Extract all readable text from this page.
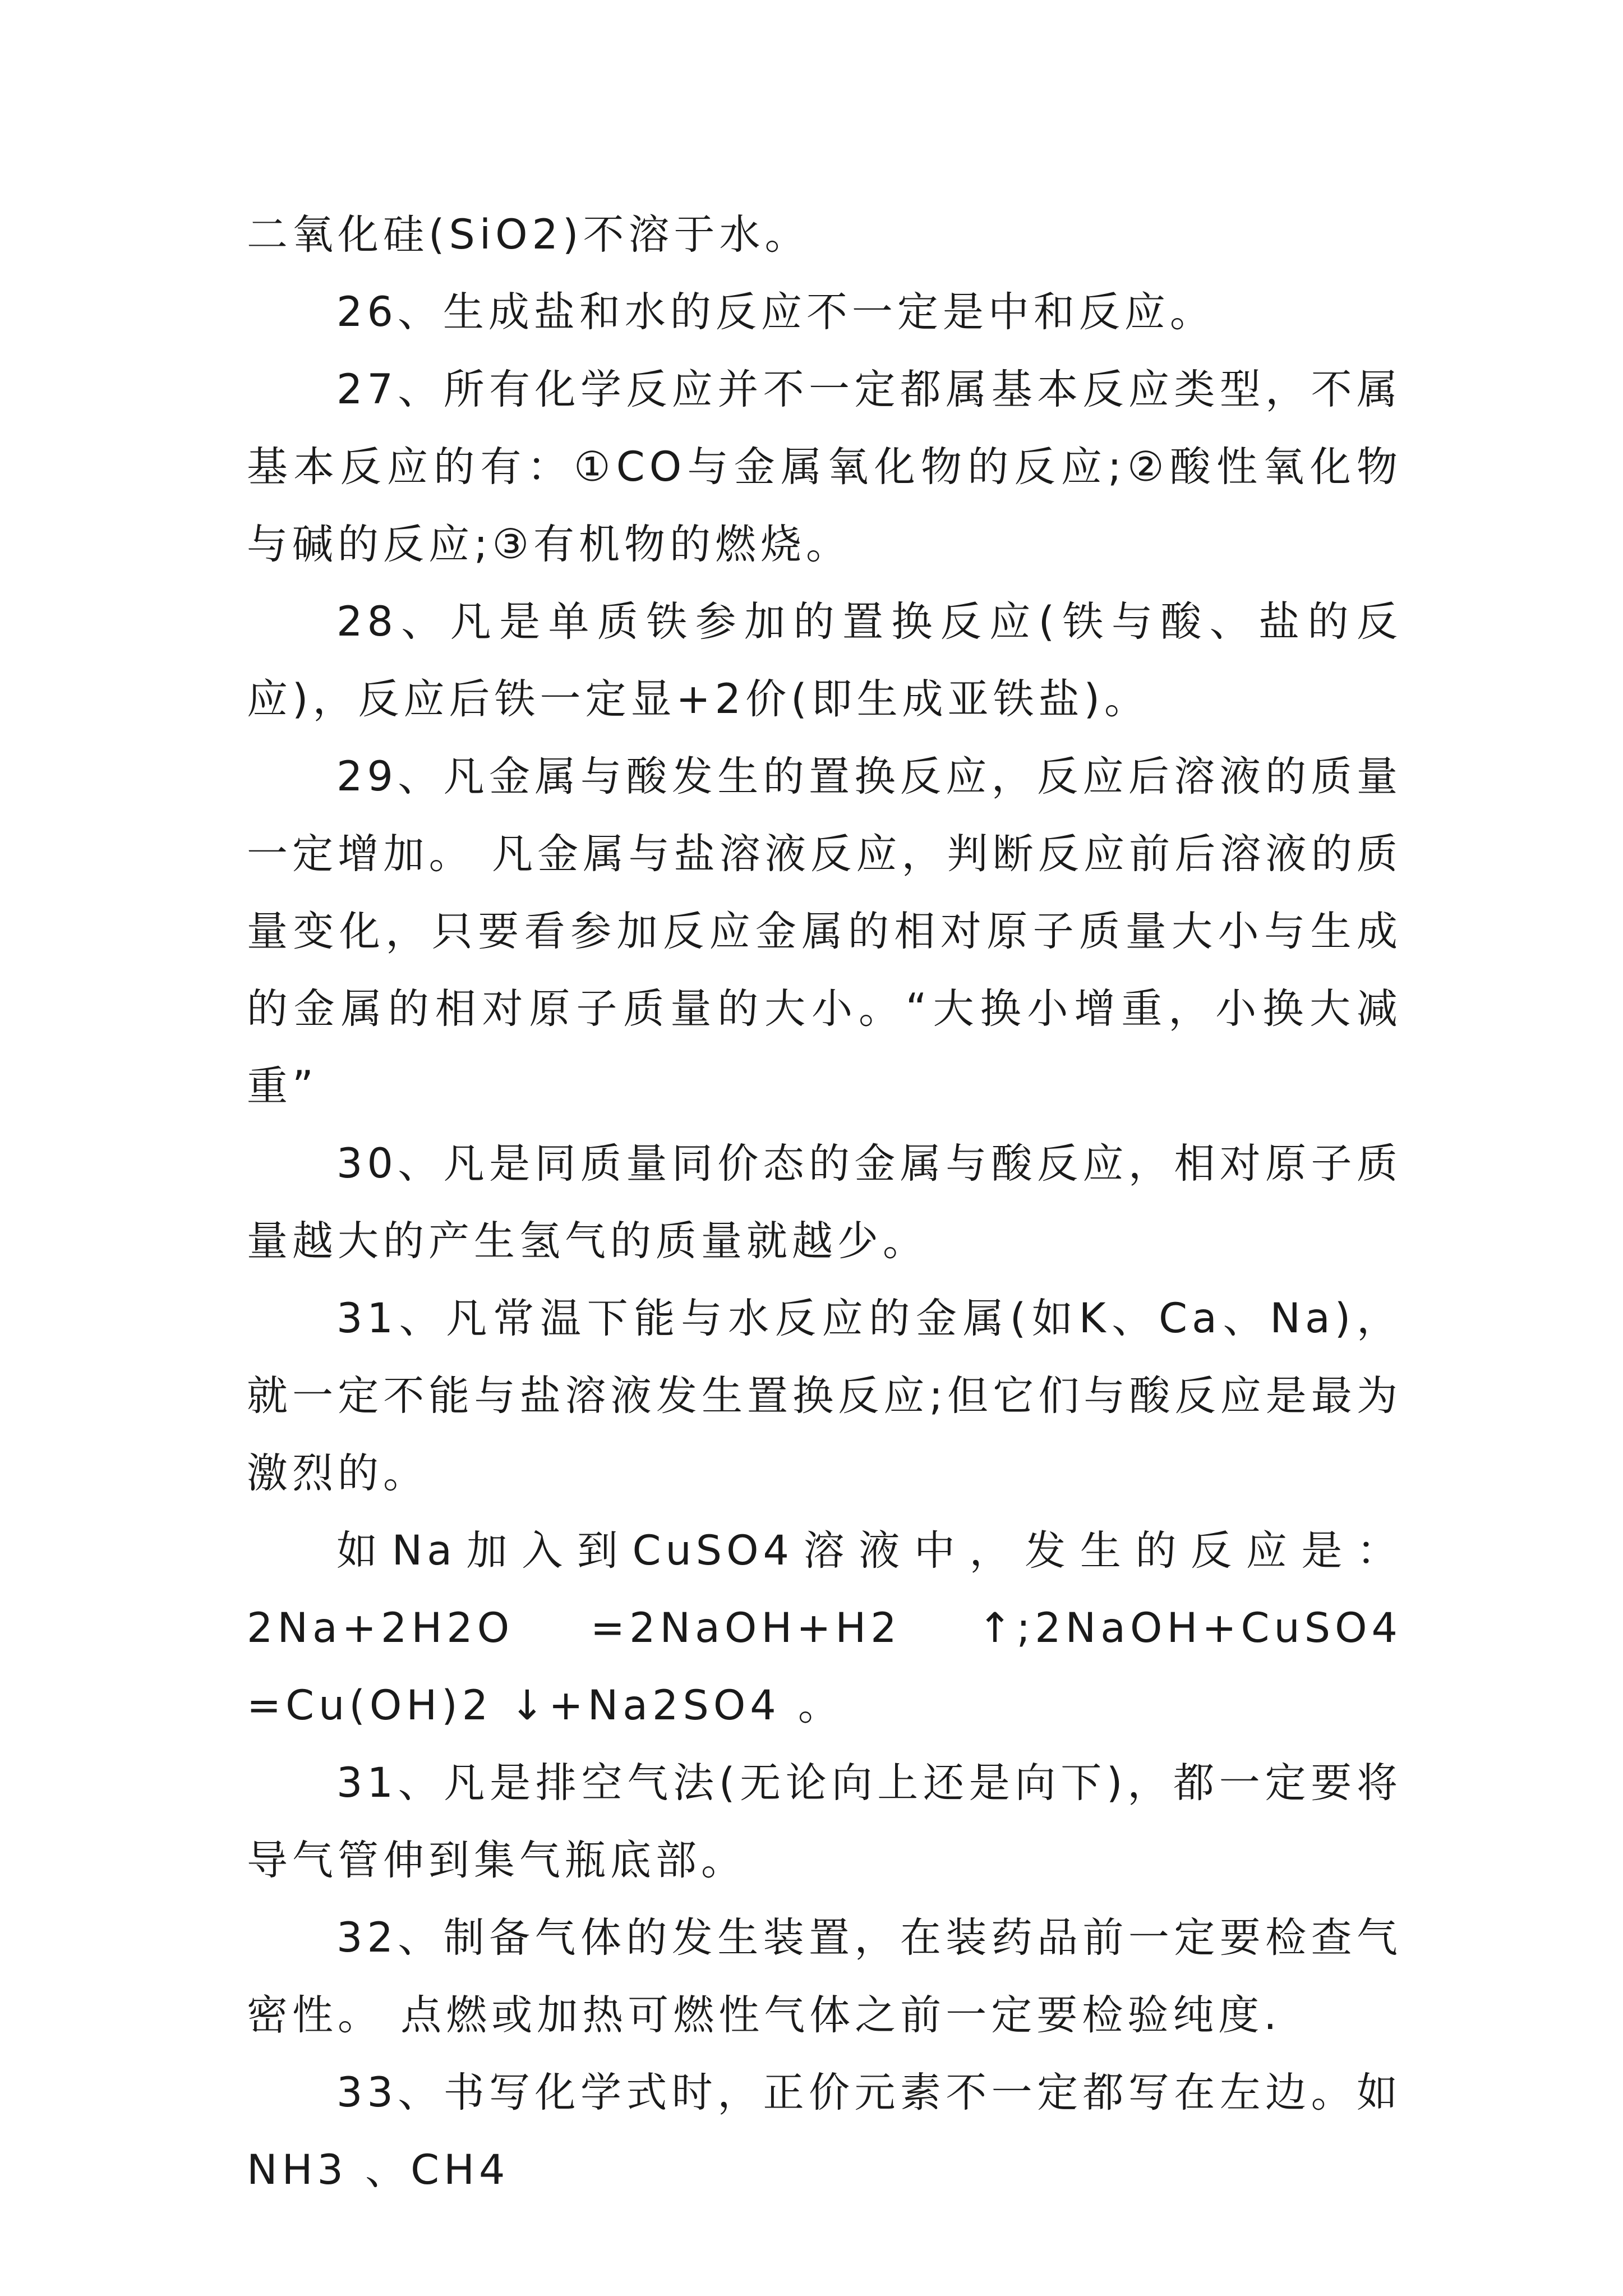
二氧化硅(SiO2)不溶于水。

26、生成盐和水的反应不一定是中和反应。

27、所有化学反应并不一定都属基本反应类型，不属基本反应的有：①CO与金属氧化物的反应;②酸性氧化物与碱的反应;③有机物的燃烧。

28、凡是单质铁参加的置换反应(铁与酸、盐的反应)，反应后铁一定显+2价(即生成亚铁盐)。

29、凡金属与酸发生的置换反应，反应后溶液的质量一定增加。 凡金属与盐溶液反应，判断反应前后溶液的质量变化，只要看参加反应金属的相对原子质量大小与生成的金属的相对原子质量的大小。“大换小增重，小换大减重”

30、凡是同质量同价态的金属与酸反应，相对原子质量越大的产生氢气的质量就越少。

31、凡常温下能与水反应的金属(如K、Ca、Na)，就一定不能与盐溶液发生置换反应;但它们与酸反应是最为激烈的。

如Na加入到CuSO4溶液中，发生的反应是：2Na+2H2O =2NaOH+H2 ↑;2NaOH+CuSO4 =Cu(OH)2 ↓+Na2SO4 。

31、凡是排空气法(无论向上还是向下)，都一定要将导气管伸到集气瓶底部。

32、制备气体的发生装置，在装药品前一定要检查气密性。 点燃或加热可燃性气体之前一定要检验纯度.

33、书写化学式时，正价元素不一定都写在左边。如NH3 、CH4
